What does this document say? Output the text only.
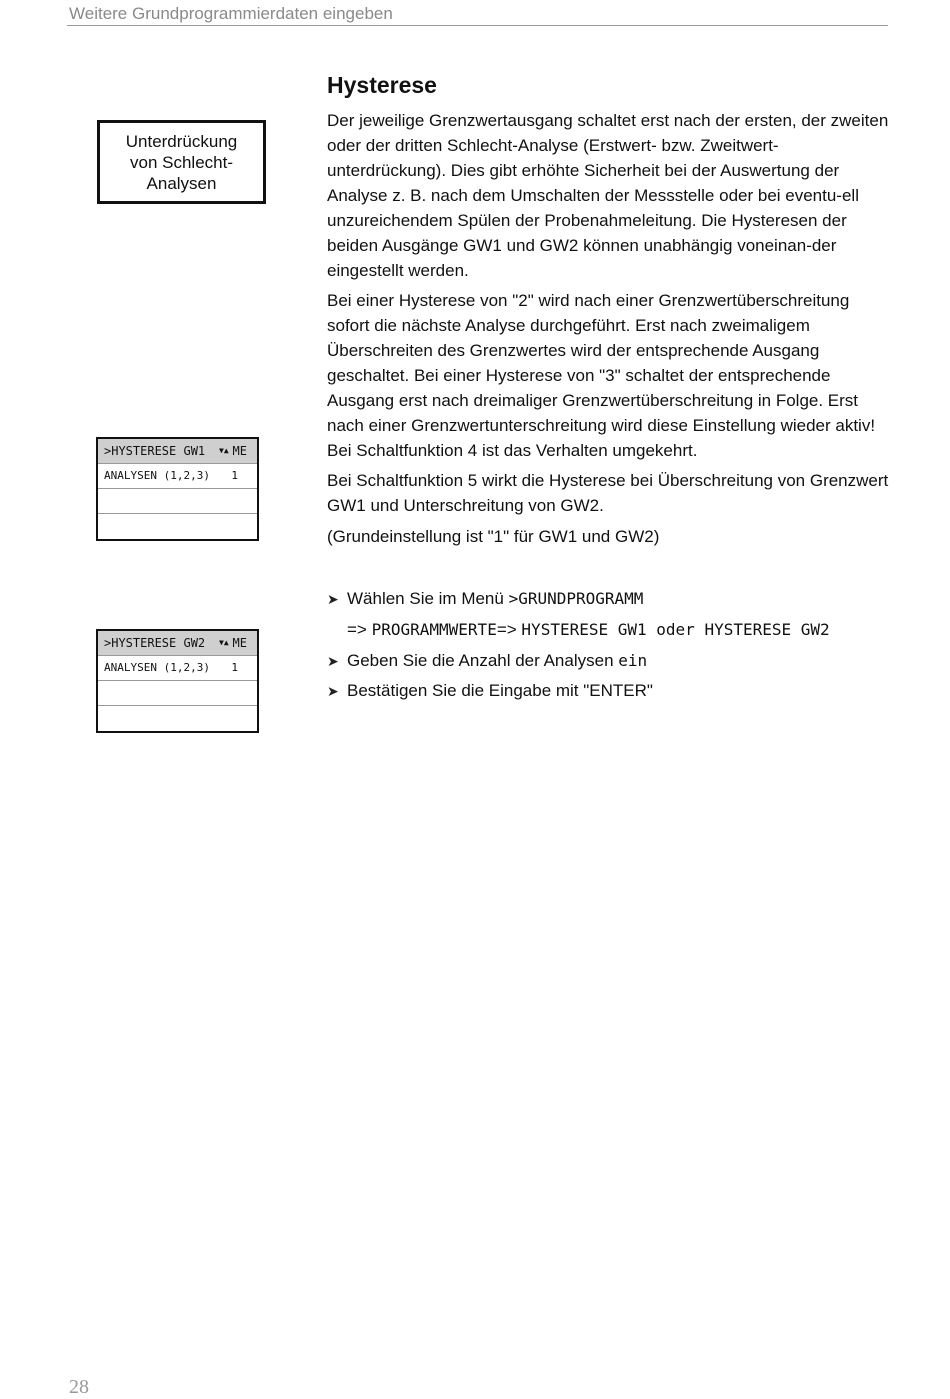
Weitere Grundprogrammierdaten eingeben
Unterdrückung
von Schlecht-
Analysen
>HYSTERESE GW1 ▼▲ ME
ANALYSEN (1,2,3) 1
>HYSTERESE GW2 ▼▲ ME
ANALYSEN (1,2,3) 1
Hysterese
Der jeweilige Grenzwertausgang schaltet erst nach der ersten, der zweiten oder der dritten Schlecht-Analyse (Erstwert- bzw. Zweitwert-unterdrückung). Dies gibt erhöhte Sicherheit bei der Auswertung der Analyse z. B. nach dem Umschalten der Messstelle oder bei eventu-ell unzureichendem Spülen der Probenahmeleitung. Die Hysteresen der beiden Ausgänge GW1 und GW2 können unabhängig voneinan-der eingestellt werden.
Bei einer Hysterese von "2" wird nach einer Grenzwertüberschreitung sofort die nächste Analyse durchgeführt. Erst nach zweimaligem Überschreiten des Grenzwertes wird der entsprechende Ausgang geschaltet. Bei einer Hysterese von "3" schaltet der entsprechende Ausgang erst nach dreimaliger Grenzwertüberschreitung in Folge. Erst nach einer Grenzwertunterschreitung wird diese Einstellung wieder aktiv! Bei Schaltfunktion 4 ist das Verhalten umgekehrt.
Bei Schaltfunktion 5 wirkt die Hysterese bei Überschreitung von Grenzwert GW1 und Unterschreitung von GW2.
(Grundeinstellung ist "1" für GW1 und GW2)
➤ Wählen Sie im Menü >GRUNDPROGRAMM
=> PROGRAMMWERTE=> HYSTERESE GW1 oder HYSTERESE GW2
➤ Geben Sie die Anzahl der Analysen ein
➤ Bestätigen Sie die Eingabe mit "ENTER"
28
